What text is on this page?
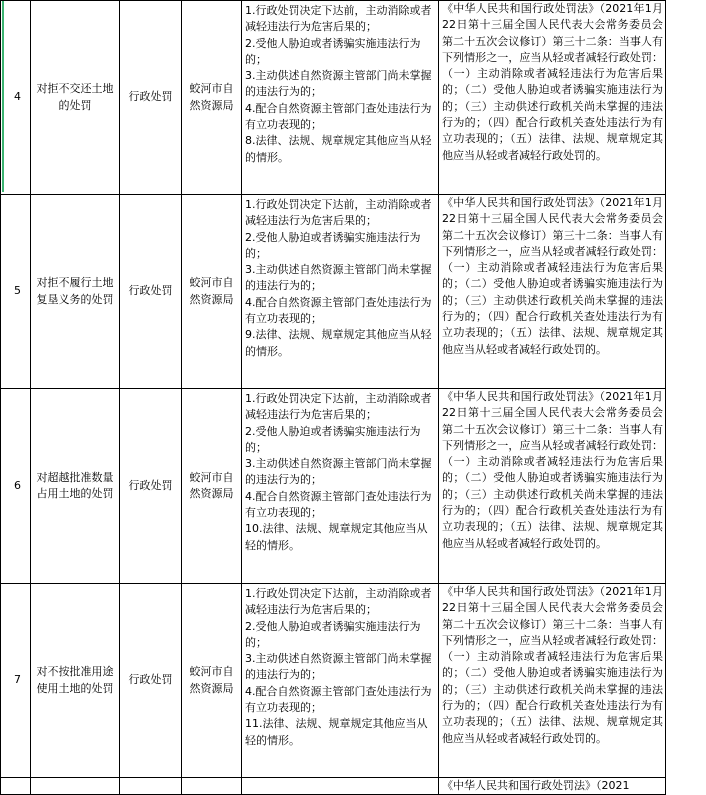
4	对拒不交还土地的处罚	行政处罚	蛟河市自然资源局	1.行政处罚决定下达前，主动消除或者减轻违法行为危害后果的；
2.受他人胁迫或者诱骗实施违法行为的；
3.主动供述自然资源主管部门尚未掌握的违法行为的；
4.配合自然资源主管部门查处违法行为有立功表现的；
8.法律、法规、规章规定其他应当从轻的情形。	《中华人民共和国行政处罚法》（2021年1月22日第十三届全国人民代表大会常务委员会第二十五次会议修订）第三十二条：当事人有下列情形之一，应当从轻或者减轻行政处罚：（一）主动消除或者减轻违法行为危害后果的；（二）受他人胁迫或者诱骗实施违法行为的；（三）主动供述行政机关尚未掌握的违法行为的；（四）配合行政机关查处违法行为有立功表现的；（五）法律、法规、规章规定其他应当从轻或者减轻行政处罚的。

5	对拒不履行土地复垦义务的处罚	行政处罚	蛟河市自然资源局	1.行政处罚决定下达前，主动消除或者减轻违法行为危害后果的；
2.受他人胁迫或者诱骗实施违法行为的；
3.主动供述自然资源主管部门尚未掌握的违法行为的；
4.配合自然资源主管部门查处违法行为有立功表现的；
9.法律、法规、规章规定其他应当从轻的情形。	《中华人民共和国行政处罚法》（2021年1月22日第十三届全国人民代表大会常务委员会第二十五次会议修订）第三十二条：当事人有下列情形之一，应当从轻或者减轻行政处罚：（一）主动消除或者减轻违法行为危害后果的；（二）受他人胁迫或者诱骗实施违法行为的；（三）主动供述行政机关尚未掌握的违法行为的；（四）配合行政机关查处违法行为有立功表现的；（五）法律、法规、规章规定其他应当从轻或者减轻行政处罚的。

6	对超越批准数量占用土地的处罚	行政处罚	蛟河市自然资源局	1.行政处罚决定下达前，主动消除或者减轻违法行为危害后果的；
2.受他人胁迫或者诱骗实施违法行为的；
3.主动供述自然资源主管部门尚未掌握的违法行为的；
4.配合自然资源主管部门查处违法行为有立功表现的；
10.法律、法规、规章规定其他应当从轻的情形。	《中华人民共和国行政处罚法》（2021年1月22日第十三届全国人民代表大会常务委员会第二十五次会议修订）第三十二条：当事人有下列情形之一，应当从轻或者减轻行政处罚：（一）主动消除或者减轻违法行为危害后果的；（二）受他人胁迫或者诱骗实施违法行为的；（三）主动供述行政机关尚未掌握的违法行为的；（四）配合行政机关查处违法行为有立功表现的；（五）法律、法规、规章规定其他应当从轻或者减轻行政处罚的。

7	对不按批准用途使用土地的处罚	行政处罚	蛟河市自然资源局	1.行政处罚决定下达前，主动消除或者减轻违法行为危害后果的；
2.受他人胁迫或者诱骗实施违法行为的；
3.主动供述自然资源主管部门尚未掌握的违法行为的；
4.配合自然资源主管部门查处违法行为有立功表现的；
11.法律、法规、规章规定其他应当从轻的情形。	《中华人民共和国行政处罚法》（2021年1月22日第十三届全国人民代表大会常务委员会第二十五次会议修订）第三十二条：当事人有下列情形之一，应当从轻或者减轻行政处罚：（一）主动消除或者减轻违法行为危害后果的；（二）受他人胁迫或者诱骗实施违法行为的；（三）主动供述行政机关尚未掌握的违法行为的；（四）配合行政机关查处违法行为有立功表现的；（五）法律、法规、规章规定其他应当从轻或者减轻行政处罚的。

					《中华人民共和国行政处罚法》（2021
